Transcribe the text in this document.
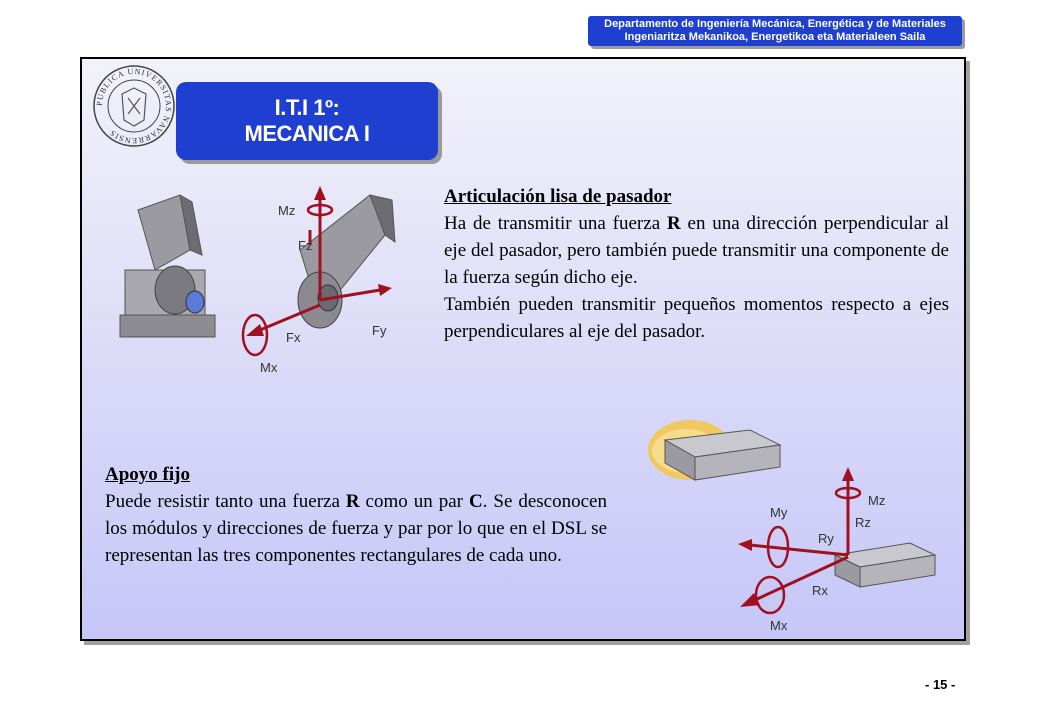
Departamento de Ingeniería Mecánica, Energética y de Materiales
Ingeniaritza Mekanikoa, Energetikoa eta Materialeen Saila
PUBLICA UNIVERSITAS NAVARRENSIS
I.T.I 1º:
MECANICA I
Mz
Fz
Fx	Fy
Mx
Articulación lisa de pasador
Ha de transmitir una fuerza R en una dirección perpendicular al eje del pasador, pero también puede transmitir una componente de la fuerza según dicho eje.
También pueden transmitir pequeños momentos respecto a ejes perpendiculares al eje del pasador.
Mz
My
Rz
Ry
Rx
Mx
Apoyo fijo
Puede resistir tanto una fuerza R como un par C. Se desconocen los módulos y direcciones de fuerza y par por lo que en el DSL se representan las tres componentes rectangulares de cada uno.
- 15 -
